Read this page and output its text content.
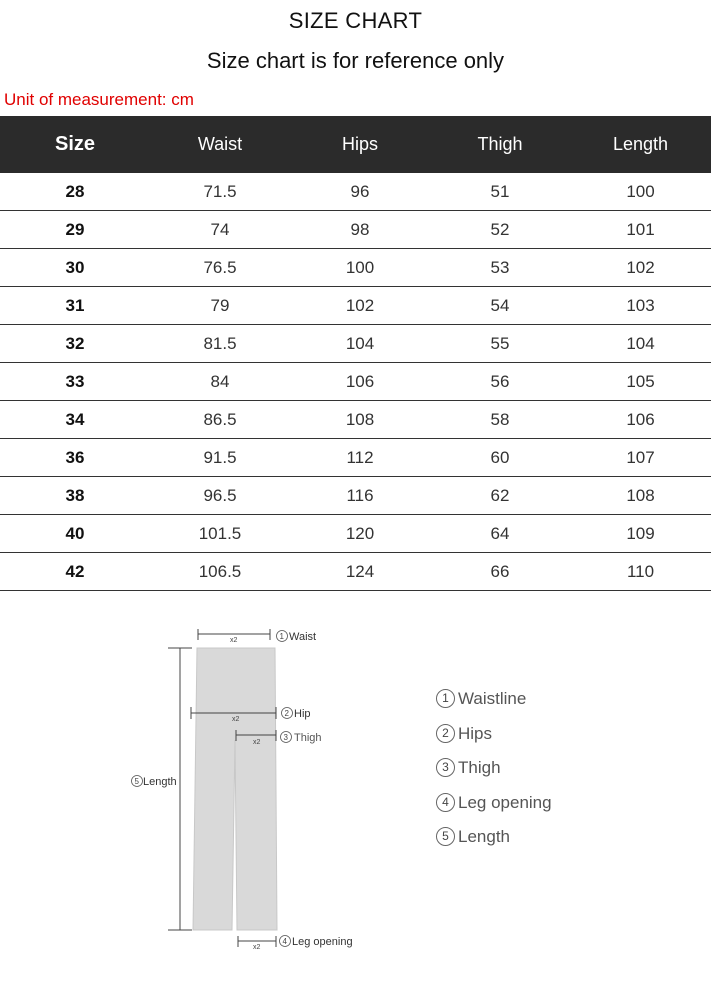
SIZE CHART
Size chart is for reference only
Unit of measurement: cm
Size	Waist	Hips	Thigh	Length
28	71.5	96	51	100
29	74	98	52	101
30	76.5	100	53	102
31	79	102	54	103
32	81.5	104	55	104
33	84	106	56	105
34	86.5	108	58	106
36	91.5	112	60	107
38	96.5	116	62	108
40	101.5	120	64	109
42	106.5	124	66	110
x2	1 Waist
x2
2 Hip
x2
3 Thigh
5 Length
x2
4 Leg opening
1 Waistline
2 Hips
3 Thigh
4 Leg opening
5 Length
